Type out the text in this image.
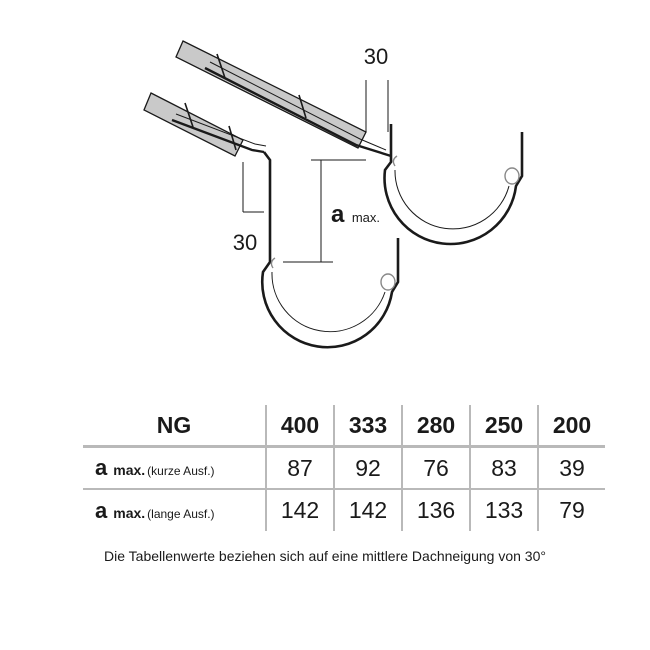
30
30
a max.
NG	400	333	280	250	200
a max. (kurze Ausf.)	87	92	76	83	39
a max. (lange Ausf.)	142	142	136	133	79
Die Tabellenwerte beziehen sich auf eine mittlere Dachneigung von 30°
